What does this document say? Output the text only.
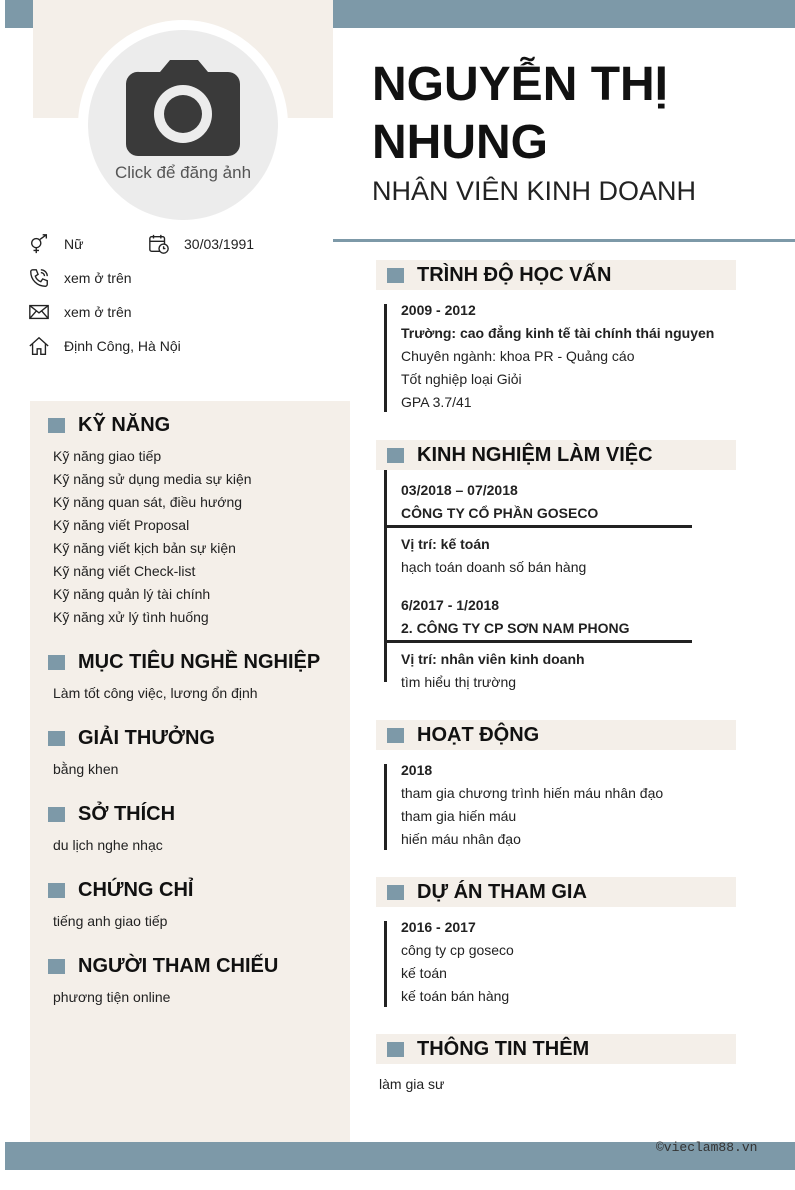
Click để đăng ảnh
NGUYỄN THỊ
NHUNG
NHÂN VIÊN KINH DOANH
Nữ	30/03/1991
xem ở trên
xem ở trên
Định Công, Hà Nội
KỸ NĂNG
Kỹ năng giao tiếp
Kỹ năng sử dụng media sự kiện
Kỹ năng quan sát, điều hướng
Kỹ năng viết Proposal
Kỹ năng viết kịch bản sự kiện
Kỹ năng viết Check-list
Kỹ năng quản lý tài chính
Kỹ năng xử lý tình huống
MỤC TIÊU NGHỀ NGHIỆP
Làm tốt công việc, lương ổn định
GIẢI THƯỞNG
bằng khen
SỞ THÍCH
du lịch nghe nhạc
CHỨNG CHỈ
tiếng anh giao tiếp
NGƯỜI THAM CHIẾU
phương tiện online
TRÌNH ĐỘ HỌC VẤN
2009 - 2012
Trường: cao đẳng kinh tế tài chính thái nguyen
Chuyên ngành: khoa PR - Quảng cáo
Tốt nghiệp loại Giỏi
GPA 3.7/41
KINH NGHIỆM LÀM VIỆC
03/2018 – 07/2018
CÔNG TY CỔ PHẦN GOSECO
Vị trí: kế toán
hạch toán doanh số bán hàng
6/2017 - 1/2018
2. CÔNG TY CP SƠN NAM PHONG
Vị trí: nhân viên kinh doanh
tìm hiểu thị trường
HOẠT ĐỘNG
2018
tham gia chương trình hiến máu nhân đạo
tham gia hiến máu
hiến máu nhân đạo
DỰ ÁN THAM GIA
2016 - 2017
công ty cp goseco
kế toán
kế toán bán hàng
THÔNG TIN THÊM
làm gia sư
©vieclam88.vn
